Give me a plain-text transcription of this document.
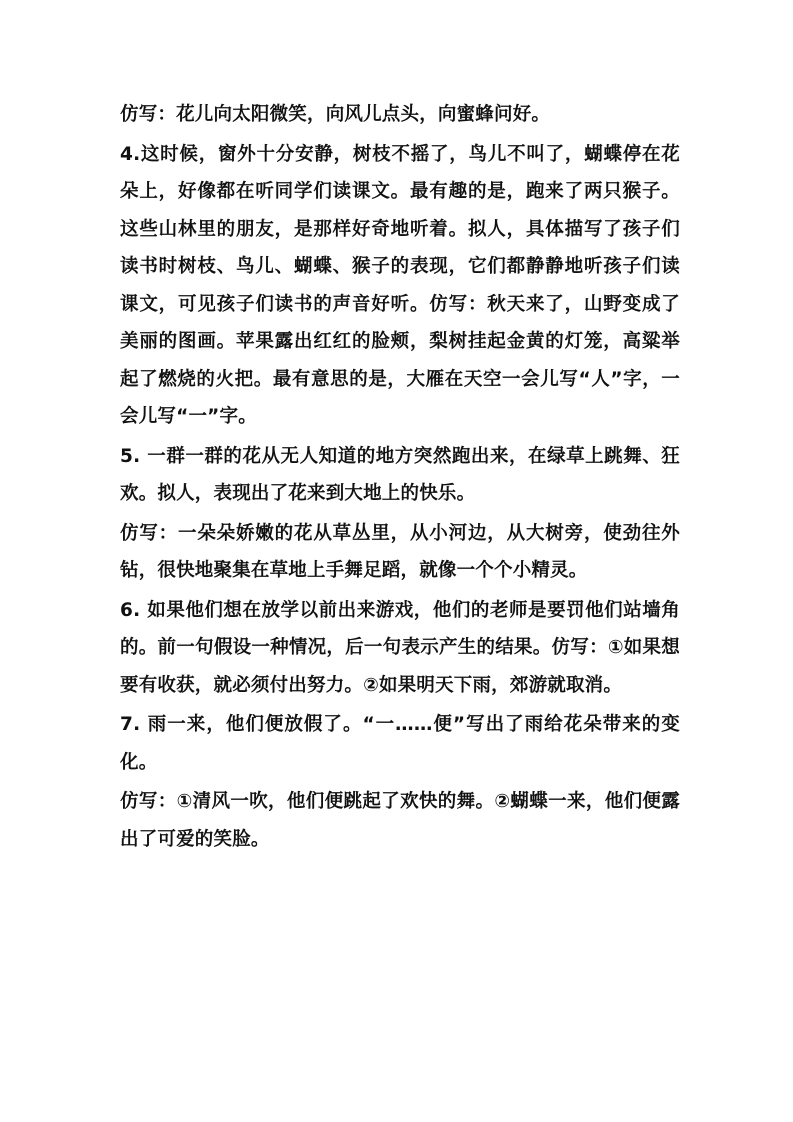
仿写：花儿向太阳微笑，向风儿点头，向蜜蜂问好。

4.这时候，窗外十分安静，树枝不摇了，鸟儿不叫了，蝴蝶停在花朵上，好像都在听同学们读课文。最有趣的是，跑来了两只猴子。这些山林里的朋友，是那样好奇地听着。拟人，具体描写了孩子们读书时树枝、鸟儿、蝴蝶、猴子的表现，它们都静静地听孩子们读课文，可见孩子们读书的声音好听。仿写：秋天来了，山野变成了美丽的图画。苹果露出红红的脸颊，梨树挂起金黄的灯笼，高粱举起了燃烧的火把。最有意思的是，大雁在天空一会儿写“人”字，一会儿写“一”字。

5. 一群一群的花从无人知道的地方突然跑出来，在绿草上跳舞、狂欢。拟人，表现出了花来到大地上的快乐。

仿写：一朵朵娇嫩的花从草丛里，从小河边，从大树旁，使劲往外钻，很快地聚集在草地上手舞足蹈，就像一个个小精灵。

6. 如果他们想在放学以前出来游戏，他们的老师是要罚他们站墙角的。前一句假设一种情况，后一句表示产生的结果。仿写：①如果想要有收获，就必须付出努力。②如果明天下雨，郊游就取消。

7. 雨一来，他们便放假了。“一……便”写出了雨给花朵带来的变化。

仿写：①清风一吹，他们便跳起了欢快的舞。②蝴蝶一来，他们便露出了可爱的笑脸。
